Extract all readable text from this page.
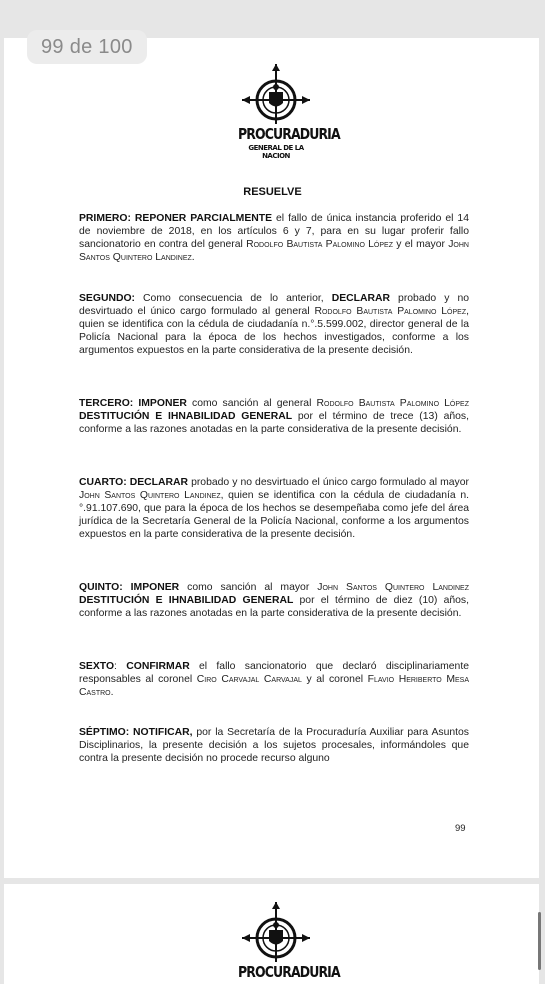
99 de 100
PROCURADURIA
GENERAL DE LA NACION
RESUELVE
PRIMERO: REPONER PARCIALMENTE el fallo de única instancia proferido el 14 de noviembre de 2018, en los artículos 6 y 7, para en su lugar proferir fallo sancionatorio en contra del general Rodolfo Bautista Palomino López y el mayor John Santos Quintero Landinez.
SEGUNDO: Como consecuencia de lo anterior, DECLARAR probado y no desvirtuado el único cargo formulado al general Rodolfo Bautista Palomino López, quien se identifica con la cédula de ciudadanía n.°.5.599.002, director general de la Policía Nacional para la época de los hechos investigados, conforme a los argumentos expuestos en la parte considerativa de la presente decisión.
TERCERO: IMPONER como sanción al general Rodolfo Bautista Palomino López DESTITUCIÓN E IHNABILIDAD GENERAL por el término de trece (13) años, conforme a las razones anotadas en la parte considerativa de la presente decisión.
CUARTO: DECLARAR probado y no desvirtuado el único cargo formulado al mayor John Santos Quintero Landinez, quien se identifica con la cédula de ciudadanía n.°.91.107.690, que para la época de los hechos se desempeñaba como jefe del área jurídica de la Secretaría General de la Policía Nacional, conforme a los argumentos expuestos en la parte considerativa de la presente decisión.
QUINTO: IMPONER como sanción al mayor John Santos Quintero Landinez DESTITUCIÓN E IHNABILIDAD GENERAL por el término de diez (10) años, conforme a las razones anotadas en la parte considerativa de la presente decisión.
SEXTO: CONFIRMAR el fallo sancionatorio que declaró disciplinariamente responsables al coronel Ciro Carvajal Carvajal y al coronel Flavio Heriberto Mesa Castro.
SÉPTIMO: NOTIFICAR, por la Secretaría de la Procuraduría Auxiliar para Asuntos Disciplinarios, la presente decisión a los sujetos procesales, informándoles que contra la presente decisión no procede recurso alguno
99
PROCURADURIA
